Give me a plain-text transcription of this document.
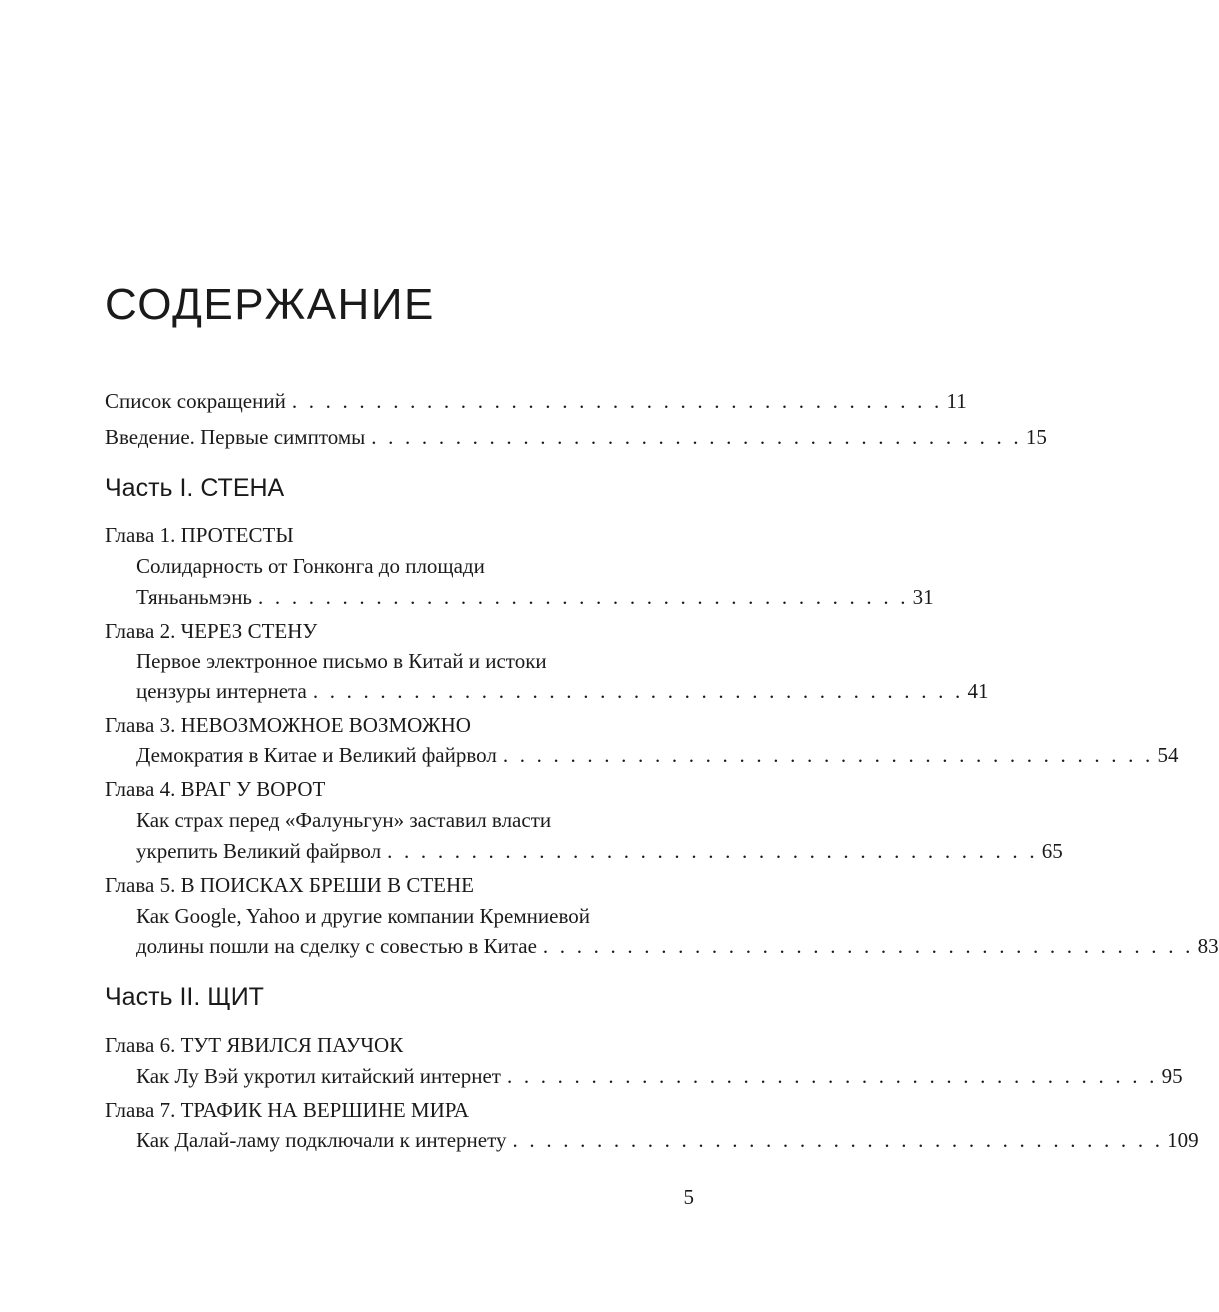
СОДЕРЖАНИЕ
Список сокращений . . . . . . . . . . . . . . . . . . . . . . . . . . . . . . . . . . . . . . . 11
Введение. Первые симптомы . . . . . . . . . . . . . . . . . . . . . . . . . . . . . . . . . . . . . . . 15
Часть I. СТЕНА
Глава 1. ПРОТЕСТЫ
Солидарность от Гонконга до площади
Тяньаньмэнь . . . . . . . . . . . . . . . . . . . . . . . . . . . . . . . . . . . . . . . 31
Глава 2. ЧЕРЕЗ СТЕНУ
Первое электронное письмо в Китай и истоки
цензуры интернета . . . . . . . . . . . . . . . . . . . . . . . . . . . . . . . . . . . . . . . 41
Глава 3. НЕВОЗМОЖНОЕ ВОЗМОЖНО
Демократия в Китае и Великий файрвол . . . . . . . . . . . . . . . . . . . . . . . . . . . . . . . . . . . . . . . 54
Глава 4. ВРАГ У ВОРОТ
Как страх перед «Фалуньгун» заставил власти
укрепить Великий файрвол . . . . . . . . . . . . . . . . . . . . . . . . . . . . . . . . . . . . . . . 65
Глава 5. В ПОИСКАХ БРЕШИ В СТЕНЕ
Как Google, Yahoo и другие компании Кремниевой
долины пошли на сделку с совестью в Китае . . . . . . . . . . . . . . . . . . . . . . . . . . . . . . . . . . . . . . . 83
Часть II. ЩИТ
Глава 6. ТУТ ЯВИЛСЯ ПАУЧОК
Как Лу Вэй укротил китайский интернет . . . . . . . . . . . . . . . . . . . . . . . . . . . . . . . . . . . . . . . 95
Глава 7. ТРАФИК НА ВЕРШИНЕ МИРА
Как Далай-ламу подключали к интернету . . . . . . . . . . . . . . . . . . . . . . . . . . . . . . . . . . . . . . . 109
5
